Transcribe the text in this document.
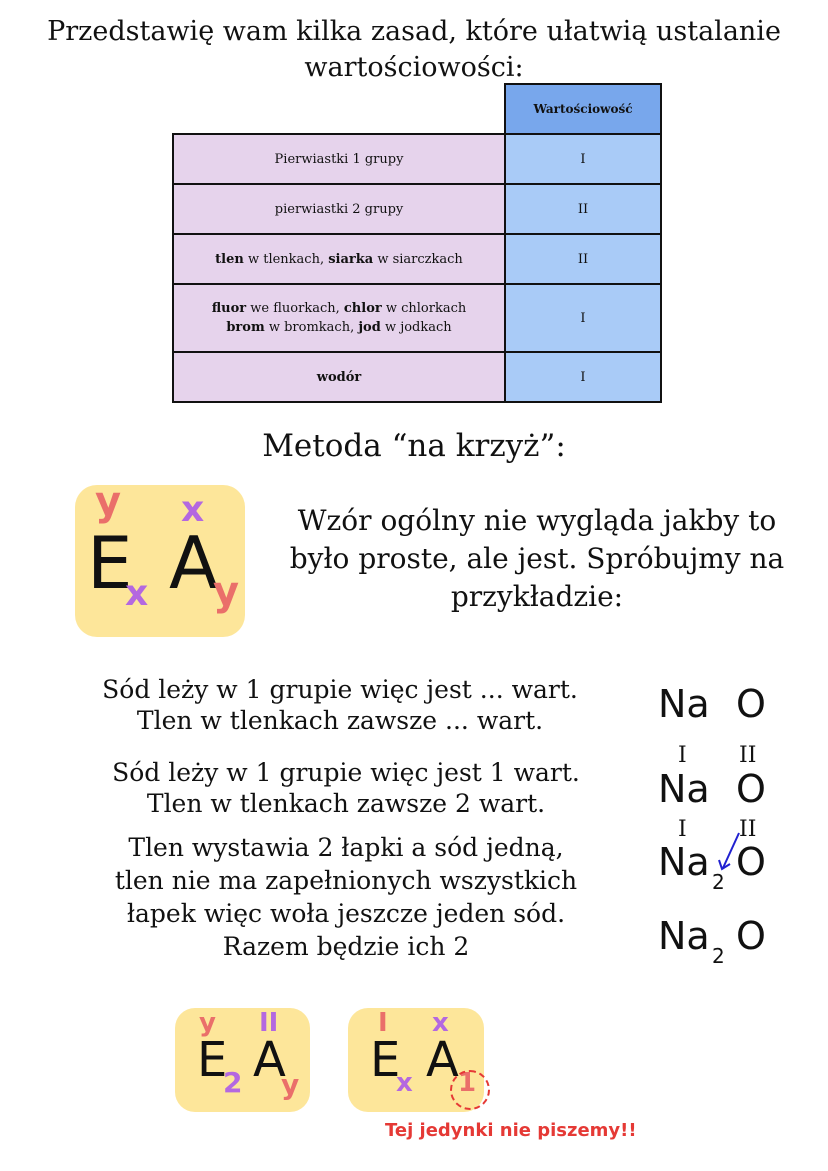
Przedstawię wam kilka zasad, które ułatwią ustalanie
wartościowości:
	Wartościowość
Pierwiastki 1 grupy	I
pierwiastki 2 grupy	II
tlen w tlenkach, siarka w siarczkach	II
fluor we fluorkach, chlor w chlorkach
brom w bromkach, jod w jodkach	I
wodór	I
Metoda “na krzyż”:
E A
y x
x y
Wzór ogólny nie wygląda jakby to
było proste, ale jest. Spróbujmy na
przykładzie:
Sód leży w 1 grupie więc jest ... wart.
Tlen w tlenkach zawsze ... wart.
Sód leży w 1 grupie więc jest 1 wart.
Tlen w tlenkach zawsze 2 wart.
Tlen wystawia 2 łapki a sód jedną,
tlen nie ma zapełnionych wszystkich
łapek więc woła jeszcze jeden sód.
Razem będzie ich 2
Na O
I II
Na O
I II
Na 2 O
Na 2 O
E A
y II
2 y E A
I x
x 1
Tej jedynki nie piszemy!!
